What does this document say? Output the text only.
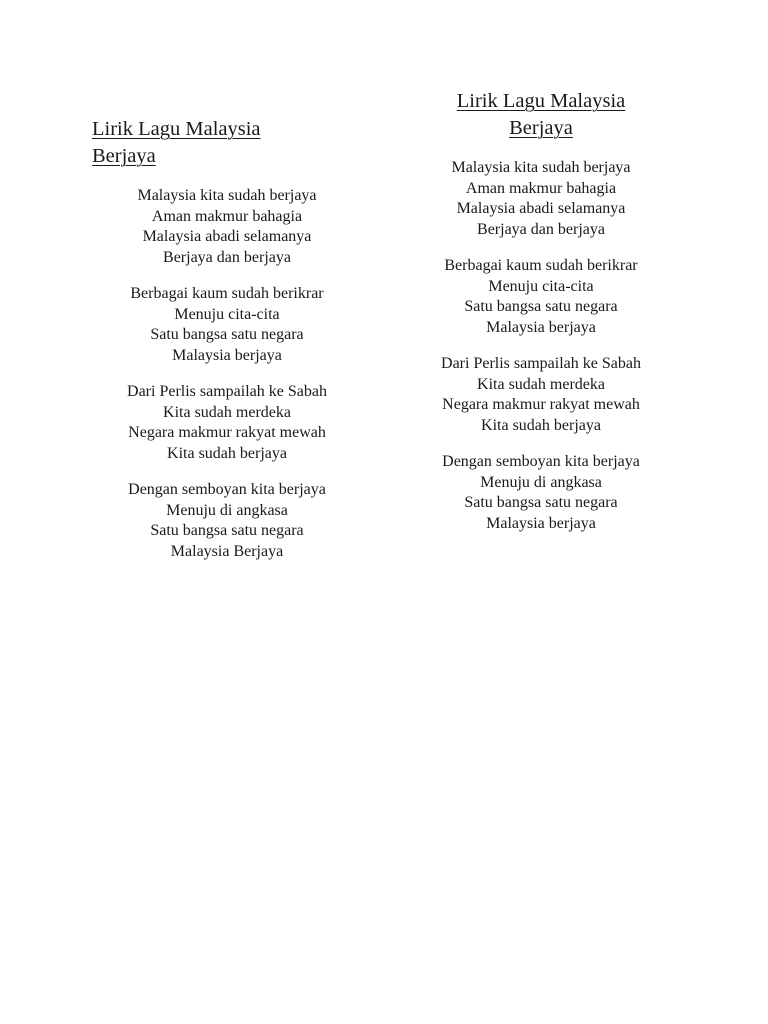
Lirik Lagu Malaysia
Berjaya

Malaysia kita sudah berjaya
Aman makmur bahagia
Malaysia abadi selamanya
Berjaya dan berjaya

Berbagai kaum sudah berikrar
Menuju cita-cita
Satu bangsa satu negara
Malaysia berjaya

Dari Perlis sampailah ke Sabah
Kita sudah merdeka
Negara makmur rakyat mewah
Kita sudah berjaya

Dengan semboyan kita berjaya
Menuju di angkasa
Satu bangsa satu negara
Malaysia Berjaya

Lirik Lagu Malaysia
Berjaya

Malaysia kita sudah berjaya
Aman makmur bahagia
Malaysia abadi selamanya
Berjaya dan berjaya

Berbagai kaum sudah berikrar
Menuju cita-cita
Satu bangsa satu negara
Malaysia berjaya

Dari Perlis sampailah ke Sabah
Kita sudah merdeka
Negara makmur rakyat mewah
Kita sudah berjaya

Dengan semboyan kita berjaya
Menuju di angkasa
Satu bangsa satu negara
Malaysia berjaya
